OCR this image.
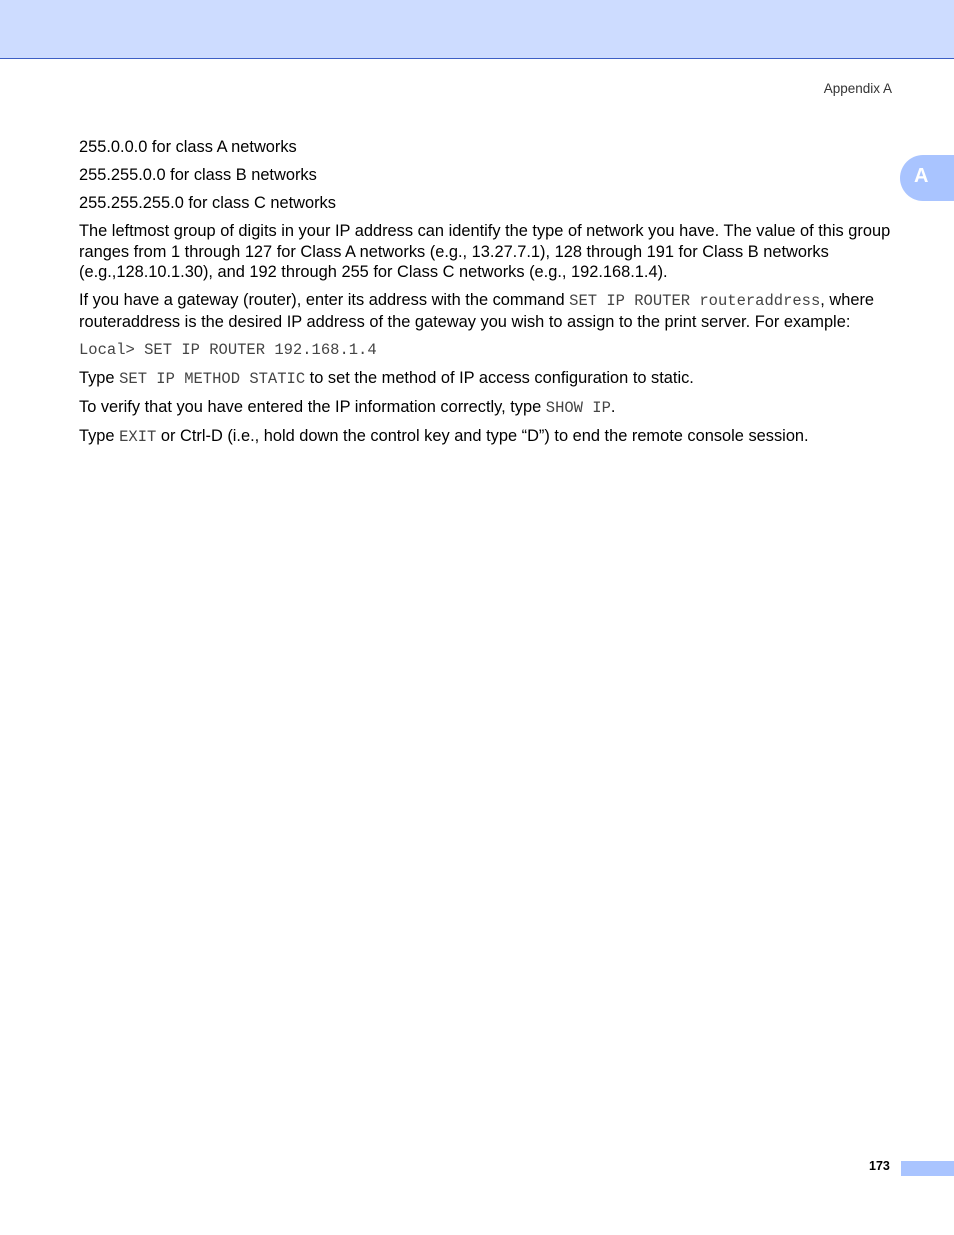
Appendix A
A

255.0.0.0 for class A networks

255.255.0.0 for class B networks

255.255.255.0 for class C networks

The leftmost group of digits in your IP address can identify the type of network you have. The value of this group ranges from 1 through 127 for Class A networks (e.g., 13.27.7.1), 128 through 191 for Class B networks (e.g.,128.10.1.30), and 192 through 255 for Class C networks (e.g., 192.168.1.4).

If you have a gateway (router), enter its address with the command SET IP ROUTER routeraddress, where routeraddress is the desired IP address of the gateway you wish to assign to the print server. For example:

Local> SET IP ROUTER 192.168.1.4

Type SET IP METHOD STATIC to set the method of IP access configuration to static.

To verify that you have entered the IP information correctly, type SHOW IP.

Type EXIT or Ctrl-D (i.e., hold down the control key and type “D”) to end the remote console session.

173
